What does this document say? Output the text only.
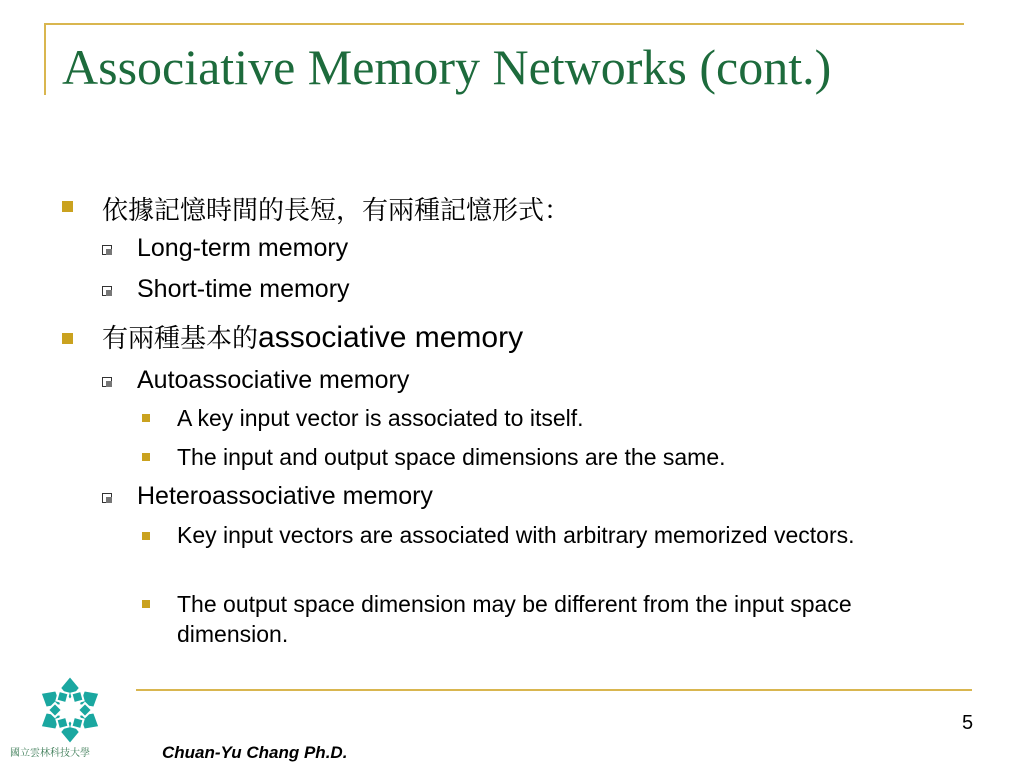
Associative Memory Networks (cont.)
依據記憶時間的長短，有兩種記憶形式：
Long-term memory
Short-time memory
有兩種基本的associative memory
Autoassociative memory
A key input vector is associated to itself.
The input and output space dimensions are the same.
Heteroassociative memory
Key input vectors are associated with arbitrary memorized vectors.
The output space dimension may be different from the input space dimension.
國立雲林科技大學	Chuan-Yu Chang Ph.D.
5
